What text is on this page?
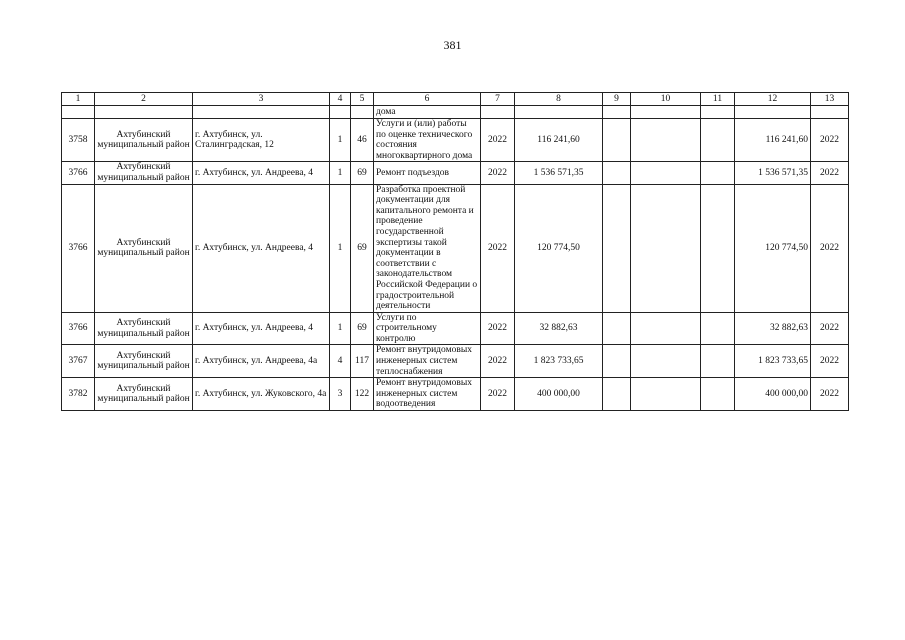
381
1	2	3	4	5	6	7	8	9	10	11	12	13
					дома							
3758	Ахтубинский муниципальный район	г. Ахтубинск, ул. Сталинградская, 12	1	46	Услуги и (или) работы по оценке технического состояния многоквартирного дома	2022	116 241,60				116 241,60	2022
3766	Ахтубинский муниципальный район	г. Ахтубинск, ул. Андреева, 4	1	69	Ремонт подъездов	2022	1 536 571,35				1 536 571,35	2022
3766	Ахтубинский муниципальный район	г. Ахтубинск, ул. Андреева, 4	1	69	Разработка проектной документации для капитального ремонта и проведение государственной экспертизы такой документации в соответствии с законодательством Российской Федерации о градостроительной деятельности	2022	120 774,50				120 774,50	2022
3766	Ахтубинский муниципальный район	г. Ахтубинск, ул. Андреева, 4	1	69	Услуги по строительному контролю	2022	32 882,63				32 882,63	2022
3767	Ахтубинский муниципальный район	г. Ахтубинск, ул. Андреева, 4а	4	117	Ремонт внутридомовых инженерных систем теплоснабжения	2022	1 823 733,65				1 823 733,65	2022
3782	Ахтубинский муниципальный район	г. Ахтубинск, ул. Жуковского, 4а	3	122	Ремонт внутридомовых инженерных систем водоотведения	2022	400 000,00				400 000,00	2022
